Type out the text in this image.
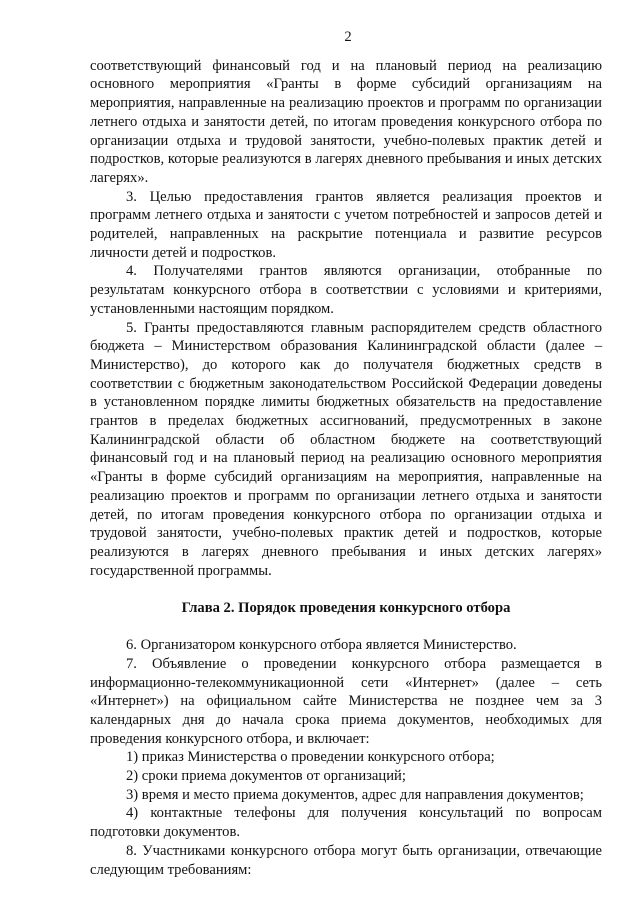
2

соответствующий финансовый год и на плановый период на реализацию основного мероприятия «Гранты в форме субсидий организациям на мероприятия, направленные на реализацию проектов и программ по организации летнего отдыха и занятости детей, по итогам проведения конкурсного отбора по организации отдыха и трудовой занятости, учебно-полевых практик детей и подростков, которые реализуются в лагерях дневного пребывания и иных детских лагерях».

3. Целью предоставления грантов является реализация проектов и программ летнего отдыха и занятости с учетом потребностей и запросов детей и родителей, направленных на раскрытие потенциала и развитие ресурсов личности детей и подростков.

4. Получателями грантов являются организации, отобранные по результатам конкурсного отбора в соответствии с условиями и критериями, установленными настоящим порядком.

5. Гранты предоставляются главным распорядителем средств областного бюджета – Министерством образования Калининградской области (далее – Министерство), до которого как до получателя бюджетных средств в соответствии с бюджетным законодательством Российской Федерации доведены в установленном порядке лимиты бюджетных обязательств на предоставление грантов в пределах бюджетных ассигнований, предусмотренных в законе Калининградской области об областном бюджете на соответствующий финансовый год и на плановый период на реализацию основного мероприятия «Гранты в форме субсидий организациям на мероприятия, направленные на реализацию проектов и программ по организации летнего отдыха и занятости детей, по итогам проведения конкурсного отбора по организации отдыха и трудовой занятости, учебно-полевых практик детей и подростков, которые реализуются в лагерях дневного пребывания и иных детских лагерях» государственной программы.

Глава 2. Порядок проведения конкурсного отбора

6. Организатором конкурсного отбора является Министерство.

7. Объявление о проведении конкурсного отбора размещается в информационно-телекоммуникационной сети «Интернет» (далее – сеть «Интернет») на официальном сайте Министерства не позднее чем за 3 календарных дня до начала срока приема документов, необходимых для проведения конкурсного отбора, и включает:

1) приказ Министерства о проведении конкурсного отбора;

2) сроки приема документов от организаций;

3) время и место приема документов, адрес для направления документов;

4) контактные телефоны для получения консультаций по вопросам подготовки документов.

8. Участниками конкурсного отбора могут быть организации, отвечающие следующим требованиям:
